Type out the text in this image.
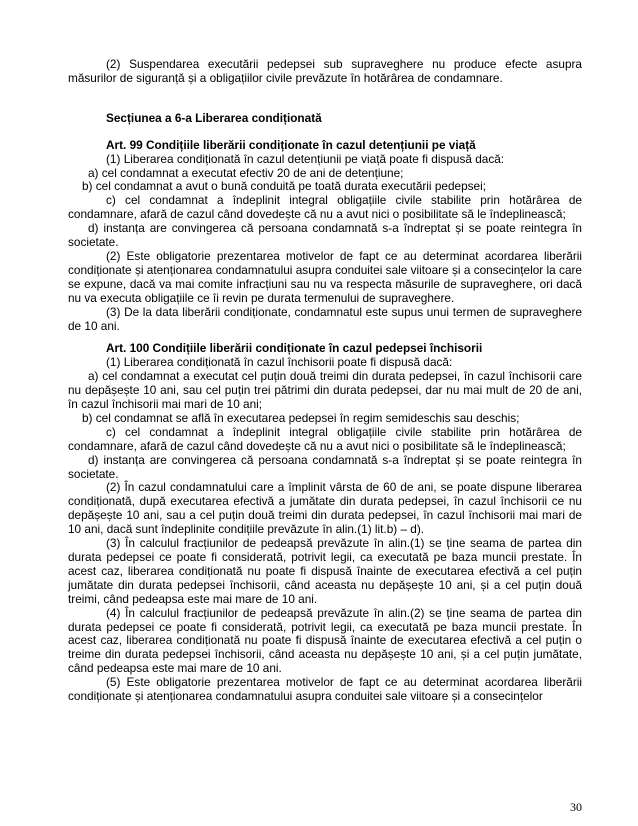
(2) Suspendarea executării pedepsei sub supraveghere nu produce efecte asupra măsurilor de siguranță și a obligațiilor civile prevăzute în hotărârea de condamnare.

Secțiunea a 6-a Liberarea condiționată

Art. 99 Condițiile liberării condiționate în cazul detențiunii pe viață

(1) Liberarea condiționată în cazul detențiunii pe viață poate fi dispusă dacă:

a) cel condamnat a executat efectiv 20 de ani de detențiune;

b) cel condamnat a avut o bună conduită pe toată durata executării pedepsei;

c) cel condamnat a îndeplinit integral obligațiile civile stabilite prin hotărârea de condamnare, afară de cazul când dovedește că nu a avut nici o posibilitate să le îndeplinească;

d) instanța are convingerea că persoana condamnată s-a îndreptat și se poate reintegra în societate.

(2) Este obligatorie prezentarea motivelor de fapt ce au determinat acordarea liberării condiționate și atenționarea condamnatului asupra conduitei sale viitoare și a consecințelor la care se expune, dacă va mai comite infracțiuni sau nu va respecta măsurile de supraveghere, ori dacă nu va executa obligațiile ce îi revin pe durata termenului de supraveghere.

(3) De la data liberării condiționate, condamnatul este supus unui termen de supraveghere de 10 ani.

Art. 100 Condițiile liberării condiționate în cazul pedepsei închisorii

(1) Liberarea condiționată în cazul închisorii poate fi dispusă dacă:

a) cel condamnat a executat cel puțin două treimi din durata pedepsei, în cazul închisorii care nu depășește 10 ani, sau cel puțin trei pătrimi din durata pedepsei, dar nu mai mult de 20 de ani, în cazul închisorii mai mari de 10 ani;

b) cel condamnat se află în executarea pedepsei în regim semideschis sau deschis;

c) cel condamnat a îndeplinit integral obligațiile civile stabilite prin hotărârea de condamnare, afară de cazul când dovedește că nu a avut nici o posibilitate să le îndeplinească;

d) instanța are convingerea că persoana condamnată s-a îndreptat și se poate reintegra în societate.

(2) În cazul condamnatului care a împlinit vârsta de 60 de ani, se poate dispune liberarea condiționată, după executarea efectivă a jumătate din durata pedepsei, în cazul închisorii ce nu depășește 10 ani, sau a cel puțin două treimi din durata pedepsei, în cazul închisorii mai mari de 10 ani, dacă sunt îndeplinite condițiile prevăzute în alin.(1) lit.b) – d).

(3) În calculul fracțiunilor de pedeapsă prevăzute în alin.(1) se ține seama de partea din durata pedepsei ce poate fi considerată, potrivit legii, ca executată pe baza muncii prestate. În acest caz, liberarea condiționată nu poate fi dispusă înainte de executarea efectivă a cel puțin jumătate din durata pedepsei închisorii, când aceasta nu depășește 10 ani, și a cel puțin două treimi, când pedeapsa este mai mare de 10 ani.

(4) În calculul fracțiunilor de pedeapsă prevăzute în alin.(2) se ține seama de partea din durata pedepsei ce poate fi considerată, potrivit legii, ca executată pe baza muncii prestate. În acest caz, liberarea condiționată nu poate fi dispusă înainte de executarea efectivă a cel puțin o treime din durata pedepsei închisorii, când aceasta nu depășește 10 ani, și a cel puțin jumătate, când pedeapsa este mai mare de 10 ani.

(5) Este obligatorie prezentarea motivelor de fapt ce au determinat acordarea liberării condiționate și atenționarea condamnatului asupra conduitei sale viitoare și a consecințelor

30
